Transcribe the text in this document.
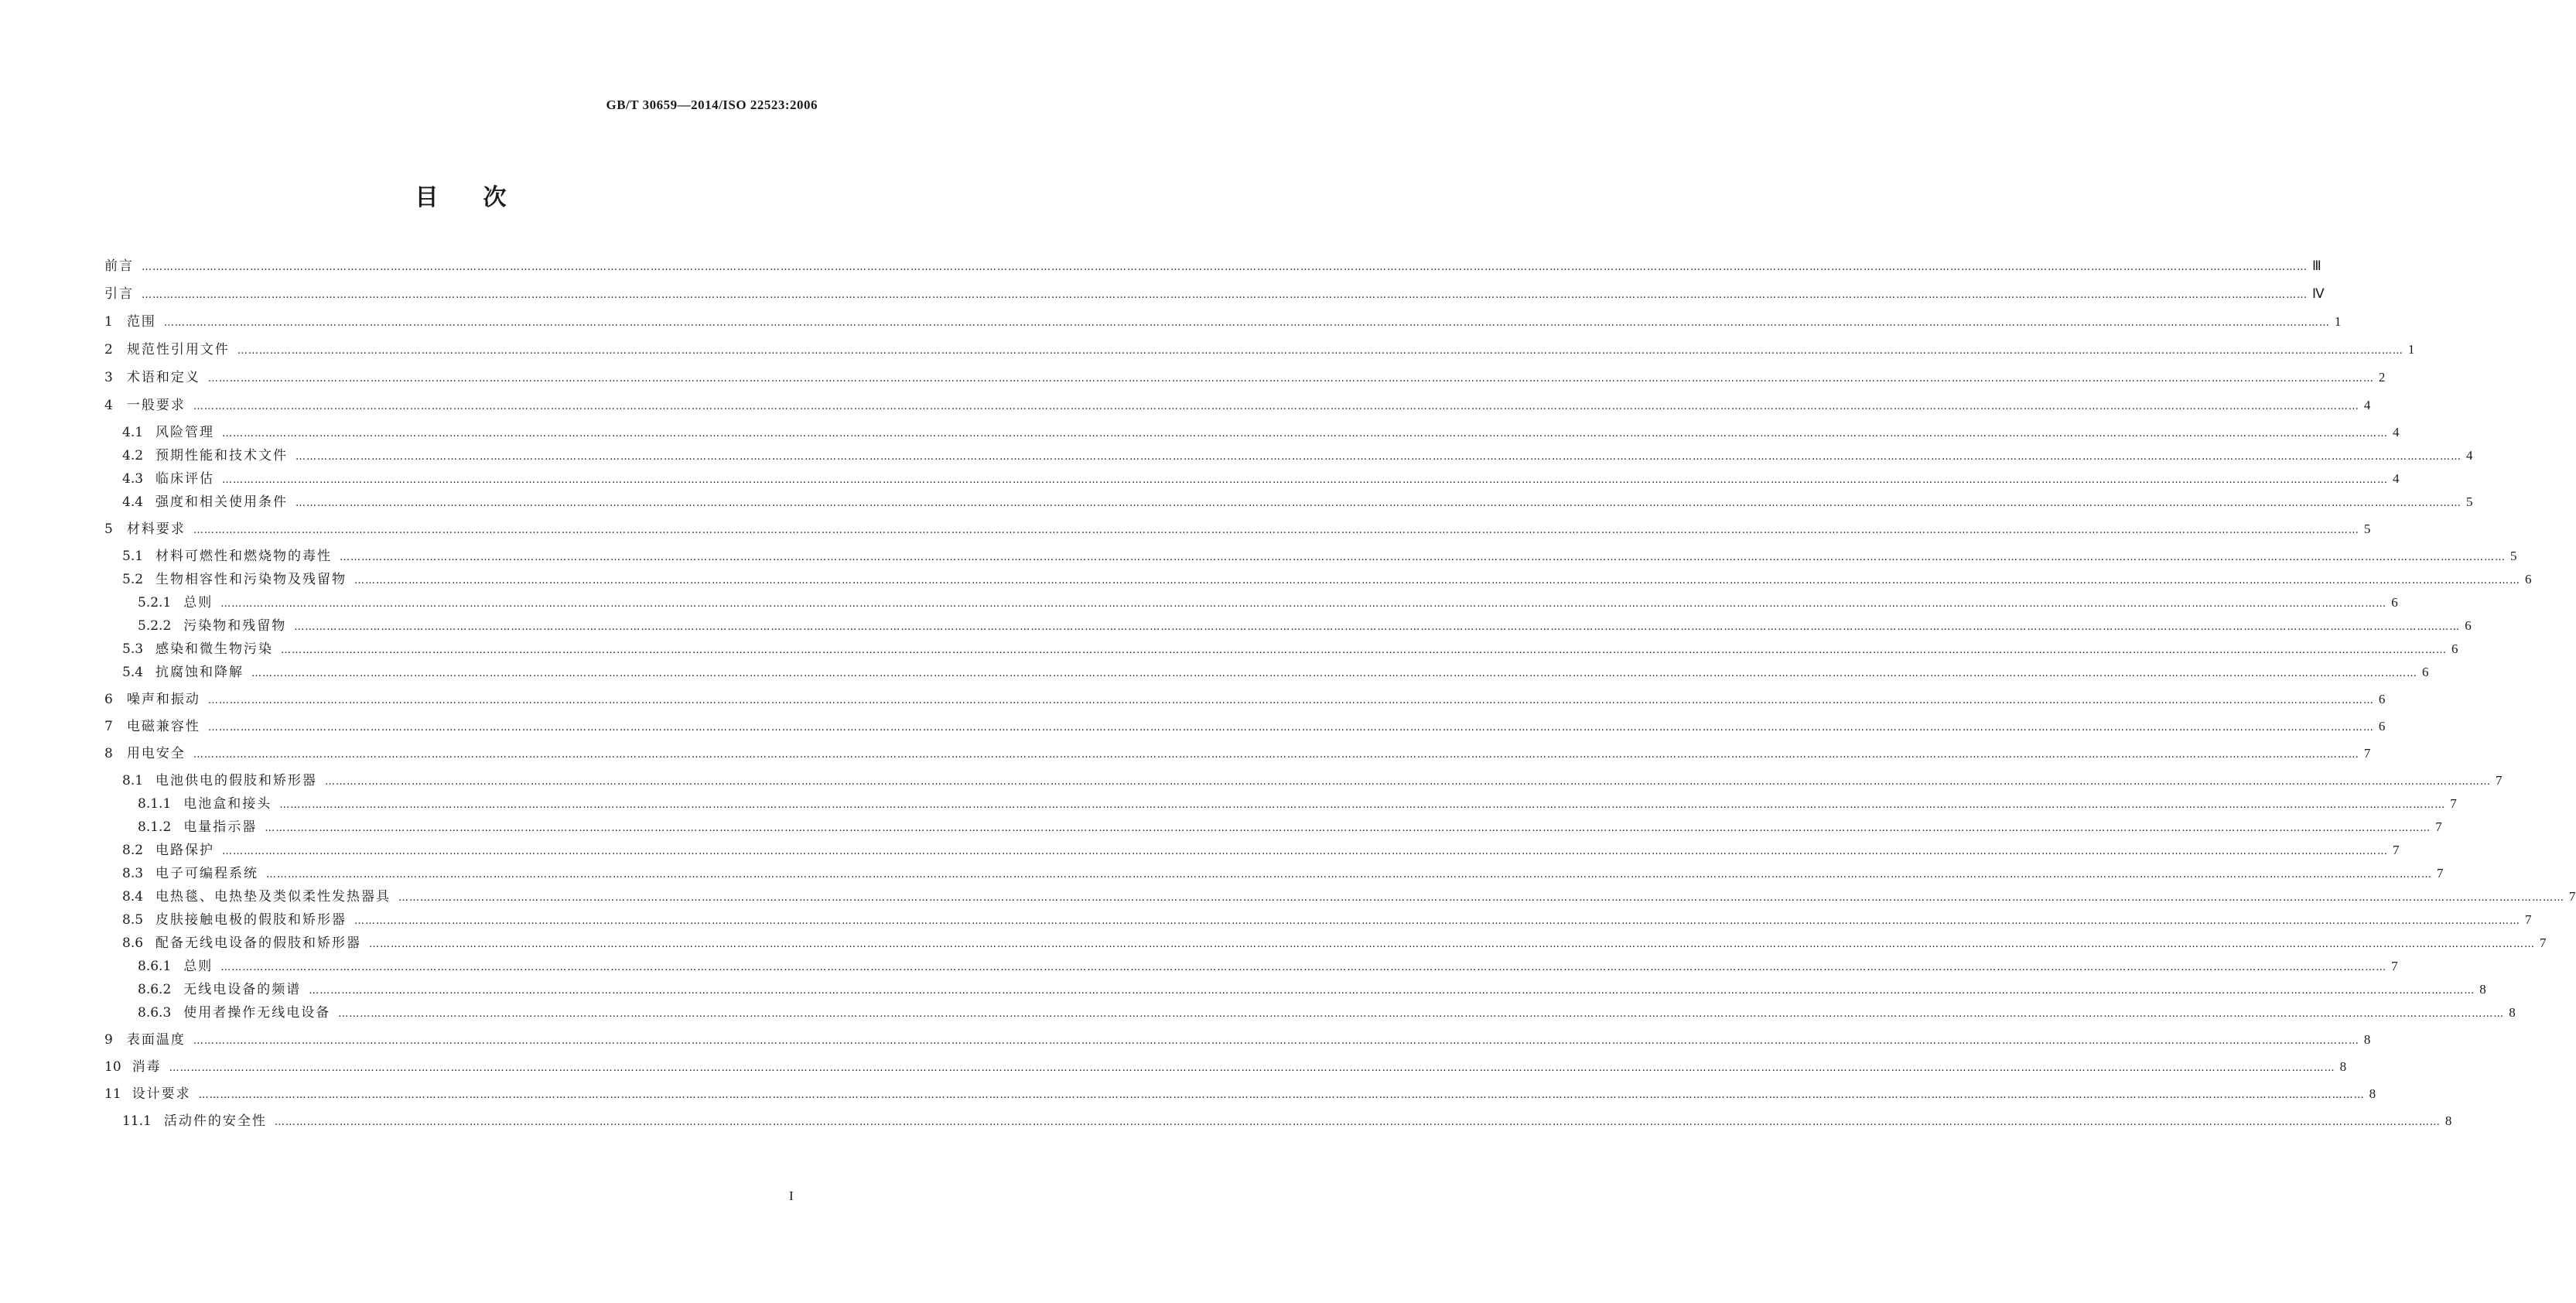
GB/T 30659—2014/ISO 22523:2006
目次
前言 …………………………………………………………………………………………………………………………………………………………………………………………………………………………………………………………………………………………………………………………………………………………………………………………………………………………………………………………………………………………………………………………………………………… Ⅲ
引言 …………………………………………………………………………………………………………………………………………………………………………………………………………………………………………………………………………………………………………………………………………………………………………………………………………………………………………………………………………………………………………………………………………………… Ⅳ
1 范围 …………………………………………………………………………………………………………………………………………………………………………………………………………………………………………………………………………………………………………………………………………………………………………………………………………………………………………………………………………………………………………………………………………………… 1
2 规范性引用文件 …………………………………………………………………………………………………………………………………………………………………………………………………………………………………………………………………………………………………………………………………………………………………………………………………………………………………………………………………………………………………………………………………………………… 1
3 术语和定义 …………………………………………………………………………………………………………………………………………………………………………………………………………………………………………………………………………………………………………………………………………………………………………………………………………………………………………………………………………………………………………………………………………………… 2
4 一般要求 …………………………………………………………………………………………………………………………………………………………………………………………………………………………………………………………………………………………………………………………………………………………………………………………………………………………………………………………………………………………………………………………………………………… 4
4.1 风险管理 …………………………………………………………………………………………………………………………………………………………………………………………………………………………………………………………………………………………………………………………………………………………………………………………………………………………………………………………………………………………………………………………………………………… 4
4.2 预期性能和技术文件 …………………………………………………………………………………………………………………………………………………………………………………………………………………………………………………………………………………………………………………………………………………………………………………………………………………………………………………………………………………………………………………………………………………… 4
4.3 临床评估 …………………………………………………………………………………………………………………………………………………………………………………………………………………………………………………………………………………………………………………………………………………………………………………………………………………………………………………………………………………………………………………………………………………… 4
4.4 强度和相关使用条件 …………………………………………………………………………………………………………………………………………………………………………………………………………………………………………………………………………………………………………………………………………………………………………………………………………………………………………………………………………………………………………………………………………………… 5
5 材料要求 …………………………………………………………………………………………………………………………………………………………………………………………………………………………………………………………………………………………………………………………………………………………………………………………………………………………………………………………………………………………………………………………………………………… 5
5.1 材料可燃性和燃烧物的毒性 …………………………………………………………………………………………………………………………………………………………………………………………………………………………………………………………………………………………………………………………………………………………………………………………………………………………………………………………………………………………………………………………………………………… 5
5.2 生物相容性和污染物及残留物 …………………………………………………………………………………………………………………………………………………………………………………………………………………………………………………………………………………………………………………………………………………………………………………………………………………………………………………………………………………………………………………………………………………… 6
5.2.1 总则 …………………………………………………………………………………………………………………………………………………………………………………………………………………………………………………………………………………………………………………………………………………………………………………………………………………………………………………………………………………………………………………………………………………… 6
5.2.2 污染物和残留物 …………………………………………………………………………………………………………………………………………………………………………………………………………………………………………………………………………………………………………………………………………………………………………………………………………………………………………………………………………………………………………………………………………………… 6
5.3 感染和微生物污染 …………………………………………………………………………………………………………………………………………………………………………………………………………………………………………………………………………………………………………………………………………………………………………………………………………………………………………………………………………………………………………………………………………………… 6
5.4 抗腐蚀和降解 …………………………………………………………………………………………………………………………………………………………………………………………………………………………………………………………………………………………………………………………………………………………………………………………………………………………………………………………………………………………………………………………………………………… 6
6 噪声和振动 …………………………………………………………………………………………………………………………………………………………………………………………………………………………………………………………………………………………………………………………………………………………………………………………………………………………………………………………………………………………………………………………………………………… 6
7 电磁兼容性 …………………………………………………………………………………………………………………………………………………………………………………………………………………………………………………………………………………………………………………………………………………………………………………………………………………………………………………………………………………………………………………………………………………… 6
8 用电安全 …………………………………………………………………………………………………………………………………………………………………………………………………………………………………………………………………………………………………………………………………………………………………………………………………………………………………………………………………………………………………………………………………………………… 7
8.1 电池供电的假肢和矫形器 …………………………………………………………………………………………………………………………………………………………………………………………………………………………………………………………………………………………………………………………………………………………………………………………………………………………………………………………………………………………………………………………………………………… 7
8.1.1 电池盒和接头 …………………………………………………………………………………………………………………………………………………………………………………………………………………………………………………………………………………………………………………………………………………………………………………………………………………………………………………………………………………………………………………………………………………… 7
8.1.2 电量指示器 …………………………………………………………………………………………………………………………………………………………………………………………………………………………………………………………………………………………………………………………………………………………………………………………………………………………………………………………………………………………………………………………………………………… 7
8.2 电路保护 …………………………………………………………………………………………………………………………………………………………………………………………………………………………………………………………………………………………………………………………………………………………………………………………………………………………………………………………………………………………………………………………………………………… 7
8.3 电子可编程系统 …………………………………………………………………………………………………………………………………………………………………………………………………………………………………………………………………………………………………………………………………………………………………………………………………………………………………………………………………………………………………………………………………………………… 7
8.4 电热毯、电热垫及类似柔性发热器具 …………………………………………………………………………………………………………………………………………………………………………………………………………………………………………………………………………………………………………………………………………………………………………………………………………………………………………………………………………………………………………………………………………………… 7
8.5 皮肤接触电极的假肢和矫形器 …………………………………………………………………………………………………………………………………………………………………………………………………………………………………………………………………………………………………………………………………………………………………………………………………………………………………………………………………………………………………………………………………………………… 7
8.6 配备无线电设备的假肢和矫形器 …………………………………………………………………………………………………………………………………………………………………………………………………………………………………………………………………………………………………………………………………………………………………………………………………………………………………………………………………………………………………………………………………………………… 7
8.6.1 总则 …………………………………………………………………………………………………………………………………………………………………………………………………………………………………………………………………………………………………………………………………………………………………………………………………………………………………………………………………………………………………………………………………………………… 7
8.6.2 无线电设备的频谱 …………………………………………………………………………………………………………………………………………………………………………………………………………………………………………………………………………………………………………………………………………………………………………………………………………………………………………………………………………………………………………………………………………………… 8
8.6.3 使用者操作无线电设备 …………………………………………………………………………………………………………………………………………………………………………………………………………………………………………………………………………………………………………………………………………………………………………………………………………………………………………………………………………………………………………………………………………………… 8
9 表面温度 …………………………………………………………………………………………………………………………………………………………………………………………………………………………………………………………………………………………………………………………………………………………………………………………………………………………………………………………………………………………………………………………………………………… 8
10 消毒 …………………………………………………………………………………………………………………………………………………………………………………………………………………………………………………………………………………………………………………………………………………………………………………………………………………………………………………………………………………………………………………………………………………… 8
11 设计要求 …………………………………………………………………………………………………………………………………………………………………………………………………………………………………………………………………………………………………………………………………………………………………………………………………………………………………………………………………………………………………………………………………………………… 8
11.1 活动件的安全性 …………………………………………………………………………………………………………………………………………………………………………………………………………………………………………………………………………………………………………………………………………………………………………………………………………………………………………………………………………………………………………………………………………………… 8
I
